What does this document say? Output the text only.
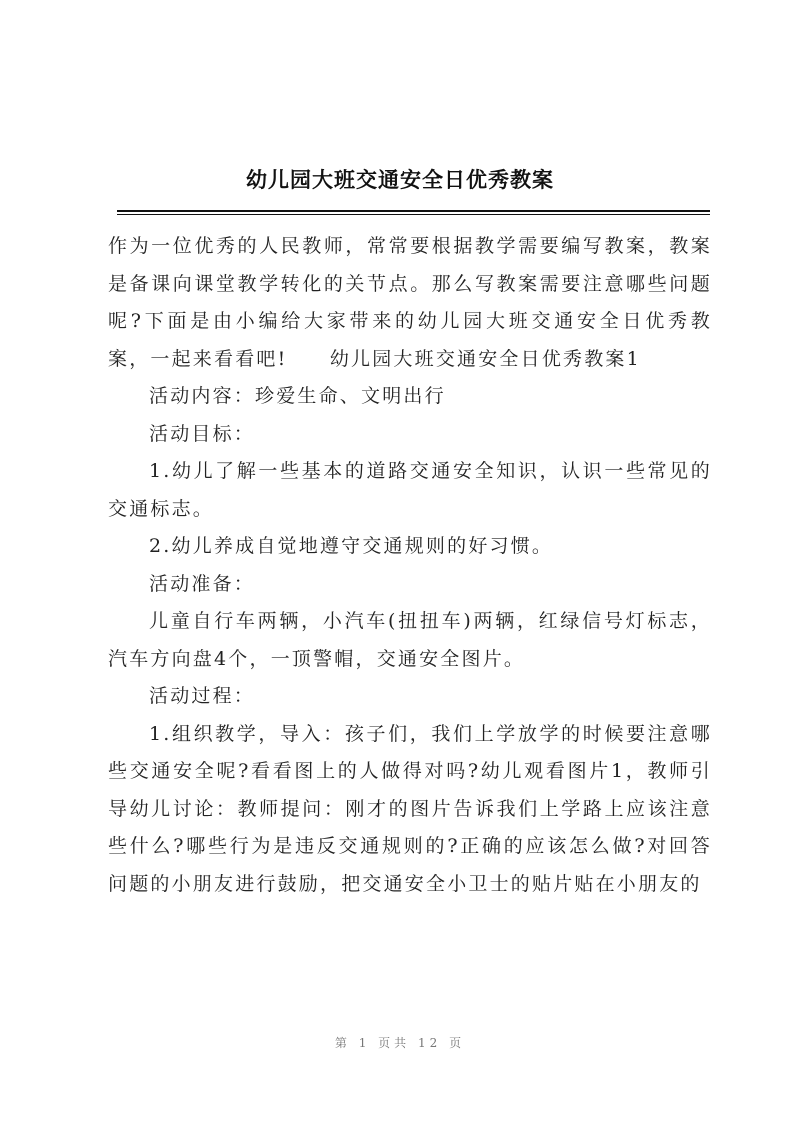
幼儿园大班交通安全日优秀教案

作为一位优秀的人民教师，常常要根据教学需要编写教案，教案是备课向课堂教学转化的关节点。那么写教案需要注意哪些问题呢?下面是由小编给大家带来的幼儿园大班交通安全日优秀教案，一起来看看吧!　　幼儿园大班交通安全日优秀教案1

活动内容：珍爱生命、文明出行

活动目标：

1.幼儿了解一些基本的道路交通安全知识，认识一些常见的交通标志。

2.幼儿养成自觉地遵守交通规则的好习惯。

活动准备：

儿童自行车两辆，小汽车(扭扭车)两辆，红绿信号灯标志，汽车方向盘4个，一顶警帽，交通安全图片。

活动过程：

1.组织教学，导入：孩子们，我们上学放学的时候要注意哪些交通安全呢?看看图上的人做得对吗?幼儿观看图片1，教师引导幼儿讨论：教师提问：刚才的图片告诉我们上学路上应该注意些什么?哪些行为是违反交通规则的?正确的应该怎么做?对回答问题的小朋友进行鼓励，把交通安全小卫士的贴片贴在小朋友的

第 1 页共 12 页
